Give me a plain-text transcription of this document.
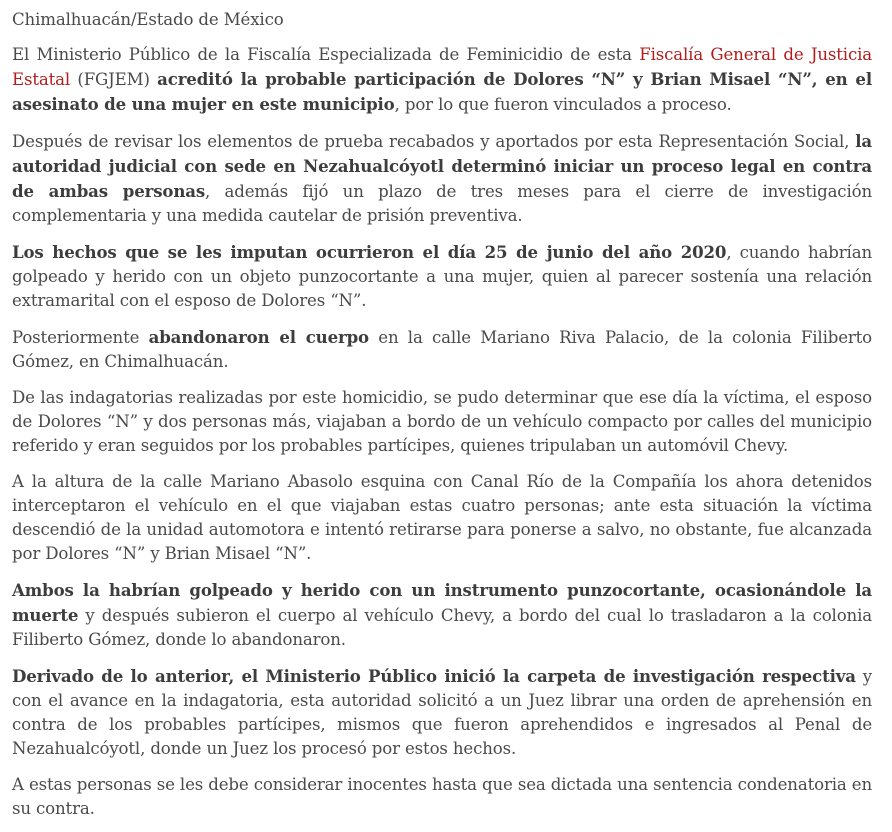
Chimalhuacán/Estado de México

El Ministerio Público de la Fiscalía Especializada de Feminicidio de esta Fiscalía General de Justicia Estatal (FGJEM) acreditó la probable participación de Dolores “N” y Brian Misael “N”, en el asesinato de una mujer en este municipio, por lo que fueron vinculados a proceso.

Después de revisar los elementos de prueba recabados y aportados por esta Representación Social, la autoridad judicial con sede en Nezahualcóyotl determinó iniciar un proceso legal en contra de ambas personas, además fijó un plazo de tres meses para el cierre de investigación complementaria y una medida cautelar de prisión preventiva.

Los hechos que se les imputan ocurrieron el día 25 de junio del año 2020, cuando habrían golpeado y herido con un objeto punzocortante a una mujer, quien al parecer sostenía una relación extramarital con el esposo de Dolores “N”.

Posteriormente abandonaron el cuerpo en la calle Mariano Riva Palacio, de la colonia Filiberto Gómez, en Chimalhuacán.

De las indagatorias realizadas por este homicidio, se pudo determinar que ese día la víctima, el esposo de Dolores “N” y dos personas más, viajaban a bordo de un vehículo compacto por calles del municipio referido y eran seguidos por los probables partícipes, quienes tripulaban un automóvil Chevy.

A la altura de la calle Mariano Abasolo esquina con Canal Río de la Compañía los ahora detenidos interceptaron el vehículo en el que viajaban estas cuatro personas; ante esta situación la víctima descendió de la unidad automotora e intentó retirarse para ponerse a salvo, no obstante, fue alcanzada por Dolores “N” y Brian Misael “N”.

Ambos la habrían golpeado y herido con un instrumento punzocortante, ocasionándole la muerte y después subieron el cuerpo al vehículo Chevy, a bordo del cual lo trasladaron a la colonia Filiberto Gómez, donde lo abandonaron.

Derivado de lo anterior, el Ministerio Público inició la carpeta de investigación respectiva y con el avance en la indagatoria, esta autoridad solicitó a un Juez librar una orden de aprehensión en contra de los probables partícipes, mismos que fueron aprehendidos e ingresados al Penal de Nezahualcóyotl, donde un Juez los procesó por estos hechos.

A estas personas se les debe considerar inocentes hasta que sea dictada una sentencia condenatoria en su contra.
